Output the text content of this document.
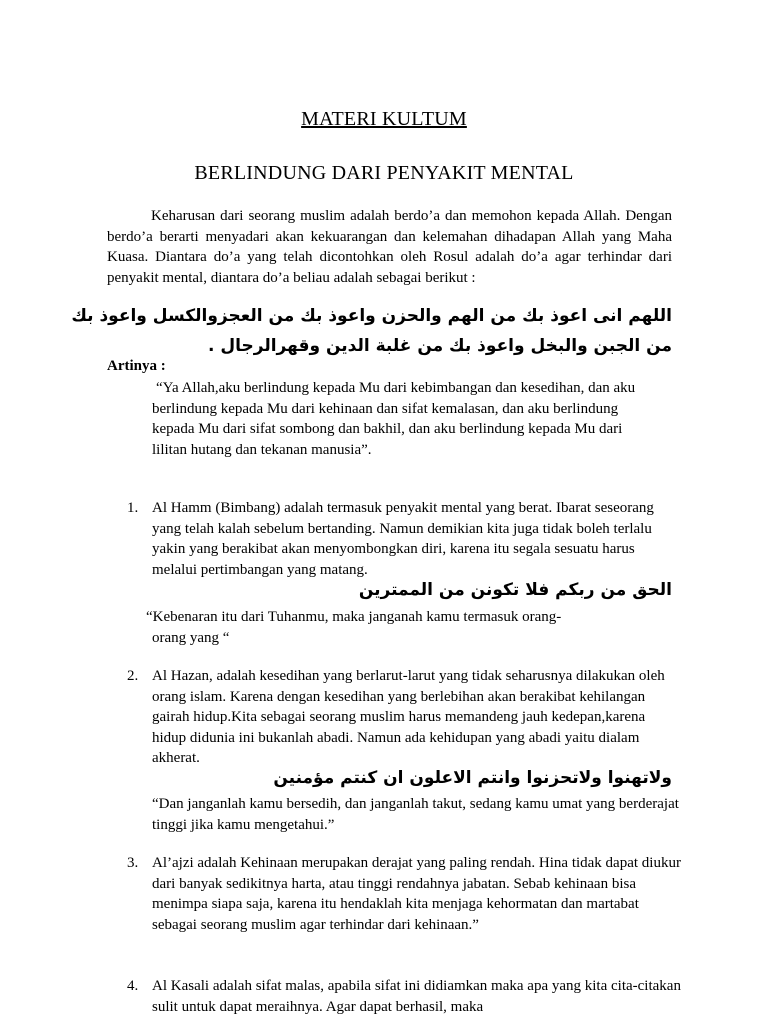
MATERI KULTUM
BERLINDUNG DARI PENYAKIT MENTAL
Keharusan dari seorang muslim adalah berdo’a dan memohon kepada Allah. Dengan berdo’a berarti menyadari akan kekuarangan dan kelemahan dihadapan Allah yang Maha Kuasa. Diantara do’a yang telah dicontohkan oleh Rosul adalah do’a agar terhindar dari penyakit mental, diantara do’a beliau adalah sebagai berikut :
اللهم انى اعوذ بك من الهم والحزن واعوذ بك من العجزوالكسل واعوذ بك
من الجبن والبخل واعوذ بك من غلبة الدين وقهرالرجال .
Artinya :
“Ya Allah,aku berlindung kepada Mu dari kebimbangan dan kesedihan, dan aku berlindung kepada Mu dari kehinaan dan sifat kemalasan, dan aku berlindung kepada Mu dari sifat sombong dan bakhil, dan aku berlindung kepada Mu dari lilitan hutang dan tekanan manusia”.
1. Al Hamm (Bimbang) adalah termasuk penyakit mental yang berat. Ibarat seseorang yang telah kalah sebelum bertanding. Namun demikian kita juga tidak boleh terlalu yakin yang berakibat akan menyombongkan diri, karena itu segala sesuatu harus melalui pertimbangan yang matang.
الحق من ربكم فلا تكونن من الممترين
“Kebenaran itu dari Tuhanmu, maka janganah kamu termasuk orang-
orang yang “
2. Al Hazan, adalah kesedihan yang berlarut-larut yang tidak seharusnya dilakukan oleh orang islam. Karena dengan kesedihan yang berlebihan akan berakibat kehilangan gairah hidup.Kita sebagai seorang muslim harus memandeng jauh kedepan,karena hidup didunia ini bukanlah abadi. Namun ada kehidupan yang abadi yaitu dialam akherat.
ولاتهنوا ولاتحزنوا وانتم الاعلون ان كنتم مؤمنين
“Dan janganlah kamu bersedih, dan janganlah takut, sedang kamu umat yang berderajat tinggi jika kamu mengetahui.”
3. Al’ajzi adalah Kehinaan merupakan derajat yang paling rendah. Hina tidak dapat diukur dari banyak sedikitnya harta, atau tinggi rendahnya jabatan. Sebab kehinaan bisa menimpa siapa saja, karena itu hendaklah kita menjaga kehormatan dan martabat sebagai seorang muslim agar terhindar dari kehinaan.”
4. Al Kasali adalah sifat malas, apabila sifat ini didiamkan maka apa yang kita cita-citakan sulit untuk dapat meraihnya. Agar dapat berhasil, maka
